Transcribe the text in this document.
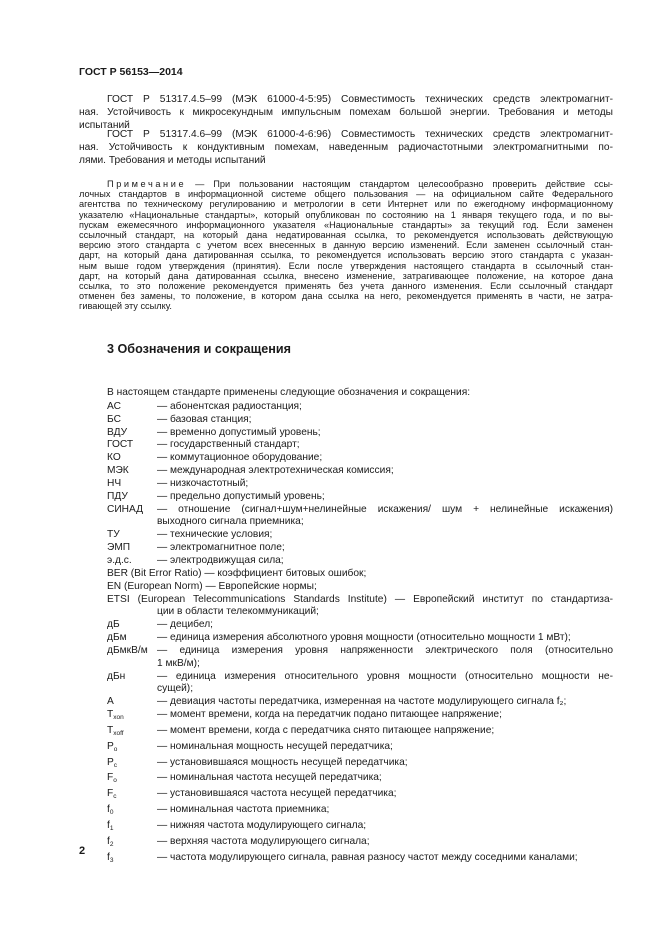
ГОСТ Р 56153—2014
ГОСТ Р 51317.4.5–99 (МЭК 61000-4-5:95) Совместимость технических средств электромагнит-
ная. Устойчивость к микросекундным импульсным помехам большой энергии. Требования и методы
испытаний
ГОСТ Р 51317.4.6–99 (МЭК 61000-4-6:96) Совместимость технических средств электромагнит-
ная. Устойчивость к кондуктивным помехам, наведенным радиочастотными электромагнитными по-
лями. Требования и методы испытаний
Примечание — При пользовании настоящим стандартом целесообразно проверить действие ссы-
лочных стандартов в информационной системе общего пользования — на официальном сайте Федерального
агентства по техническому регулированию и метрологии в сети Интернет или по ежегодному информационному
указателю «Национальные стандарты», который опубликован по состоянию на 1 января текущего года, и по вы-
пускам ежемесячного информационного указателя «Национальные стандарты» за текущий год. Если заменен
ссылочный стандарт, на который дана недатированная ссылка, то рекомендуется использовать действующую
версию этого стандарта с учетом всех внесенных в данную версию изменений. Если заменен ссылочный стан-
дарт, на который дана датированная ссылка, то рекомендуется использовать версию этого стандарта с указан-
ным выше годом утверждения (принятия). Если после утверждения настоящего стандарта в ссылочный стан-
дарт, на который дана датированная ссылка, внесено изменение, затрагивающее положение, на которое дана
ссылка, то это положение рекомендуется применять без учета данного изменения. Если ссылочный стандарт
отменен без замены, то положение, в котором дана ссылка на него, рекомендуется применять в части, не затра-
гивающей эту ссылку.
3 Обозначения и сокращения
В настоящем стандарте применены следующие обозначения и сокращения:
АС	— абонентская радиостанция;
БС	— базовая станция;
ВДУ	— временно допустимый уровень;
ГОСТ	— государственный стандарт;
КО	— коммутационное оборудование;
МЭК	— международная электротехническая комиссия;
НЧ	— низкочастотный;
ПДУ	— предельно допустимый уровень;
СИНАД	— отношение (сигнал+шум+нелинейные искажения/ шум + нелинейные искажения)
выходного сигнала приемника;
ТУ	— технические условия;
ЭМП	— электромагнитное поле;
э.д.с.	— электродвижущая сила;
BER (Bit Error Ratio) — коэффициент битовых ошибок;
EN (European Norm) — Европейские нормы;
ETSI (European Telecommunications Standards Institute) — Европейский институт по стандартиза-
ции в области телекоммуникаций;
дБ	— децибел;
дБм	— единица измерения абсолютного уровня мощности (относительно мощности 1 мВт);
дБмкВ/м — единица измерения уровня напряженности электрического поля (относительно
1 мкВ/м);
дБн	— единица измерения относительного уровня мощности (относительно мощности не-
сущей);
A	— девиация частоты передатчика, измеренная на частоте модулирующего сигнала f₂;
$T_{xon}$	— момент времени, когда на передатчик подано питающее напряжение;
$T_{xoff}$	— момент времени, когда с передатчика снято питающее напряжение;
$P_o$	— номинальная мощность несущей передатчика;
$P_c$	— установившаяся мощность несущей передатчика;
$F_o$	— номинальная частота несущей передатчика;
$F_c$	— установившаяся частота несущей передатчика;
$f_0$	— номинальная частота приемника;
$f_1$	— нижняя частота модулирующего сигнала;
$f_2$	— верхняя частота модулирующего сигнала;
$f_3$	— частота модулирующего сигнала, равная разносу частот между соседними каналами;
2
